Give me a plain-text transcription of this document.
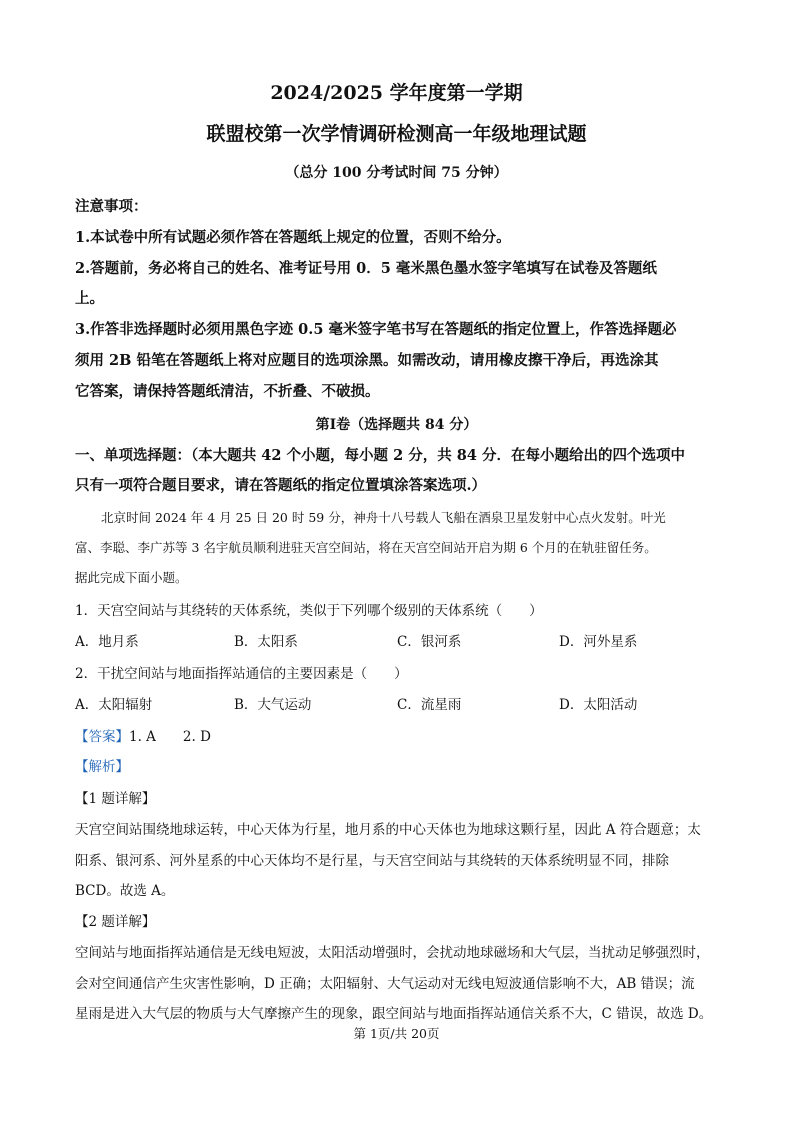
2024/2025 学年度第一学期
联盟校第一次学情调研检测高一年级地理试题
（总分 100 分考试时间 75 分钟）
注意事项：
1.本试卷中所有试题必须作答在答题纸上规定的位置，否则不给分。
2.答题前，务必将自己的姓名、准考证号用 0．5 毫米黑色墨水签字笔填写在试卷及答题纸
上。
3.作答非选择题时必须用黑色字迹 0.5 毫米签字笔书写在答题纸的指定位置上，作答选择题必
须用 2B 铅笔在答题纸上将对应题目的选项涂黑。如需改动，请用橡皮擦干净后，再选涂其
它答案，请保持答题纸清洁，不折叠、不破损。
第Ⅰ卷（选择题共 84 分）
一、单项选择题：（本大题共 42 个小题，每小题 2 分，共 84 分．在每小题给出的四个选项中
只有一项符合题目要求，请在答题纸的指定位置填涂答案选项.）
北京时间 2024 年 4 月 25 日 20 时 59 分，神舟十八号载人飞船在酒泉卫星发射中心点火发射。叶光
富、李聪、李广苏等 3 名宇航员顺利进驻天宫空间站，将在天宫空间站开启为期 6 个月的在轨驻留任务。
据此完成下面小题。
1．天宫空间站与其绕转的天体系统，类似于下列哪个级别的天体系统（　　）
A．地月系	B．太阳系	C．银河系	D．河外星系
2．干扰空间站与地面指挥站通信的主要因素是（　　）
A．太阳辐射	B．大气运动	C．流星雨	D．太阳活动
【答案】1. A　　2. D
【解析】
【1 题详解】
天宫空间站围绕地球运转，中心天体为行星，地月系的中心天体也为地球这颗行星，因此 A 符合题意；太
阳系、银河系、河外星系的中心天体均不是行星，与天宫空间站与其绕转的天体系统明显不同，排除
BCD。故选 A。
【2 题详解】
空间站与地面指挥站通信是无线电短波，太阳活动增强时，会扰动地球磁场和大气层，当扰动足够强烈时，
会对空间通信产生灾害性影响，D 正确；太阳辐射、大气运动对无线电短波通信影响不大，AB 错误；流
星雨是进入大气层的物质与大气摩擦产生的现象，跟空间站与地面指挥站通信关系不大，C 错误，故选 D。
第 1页/共 20页
